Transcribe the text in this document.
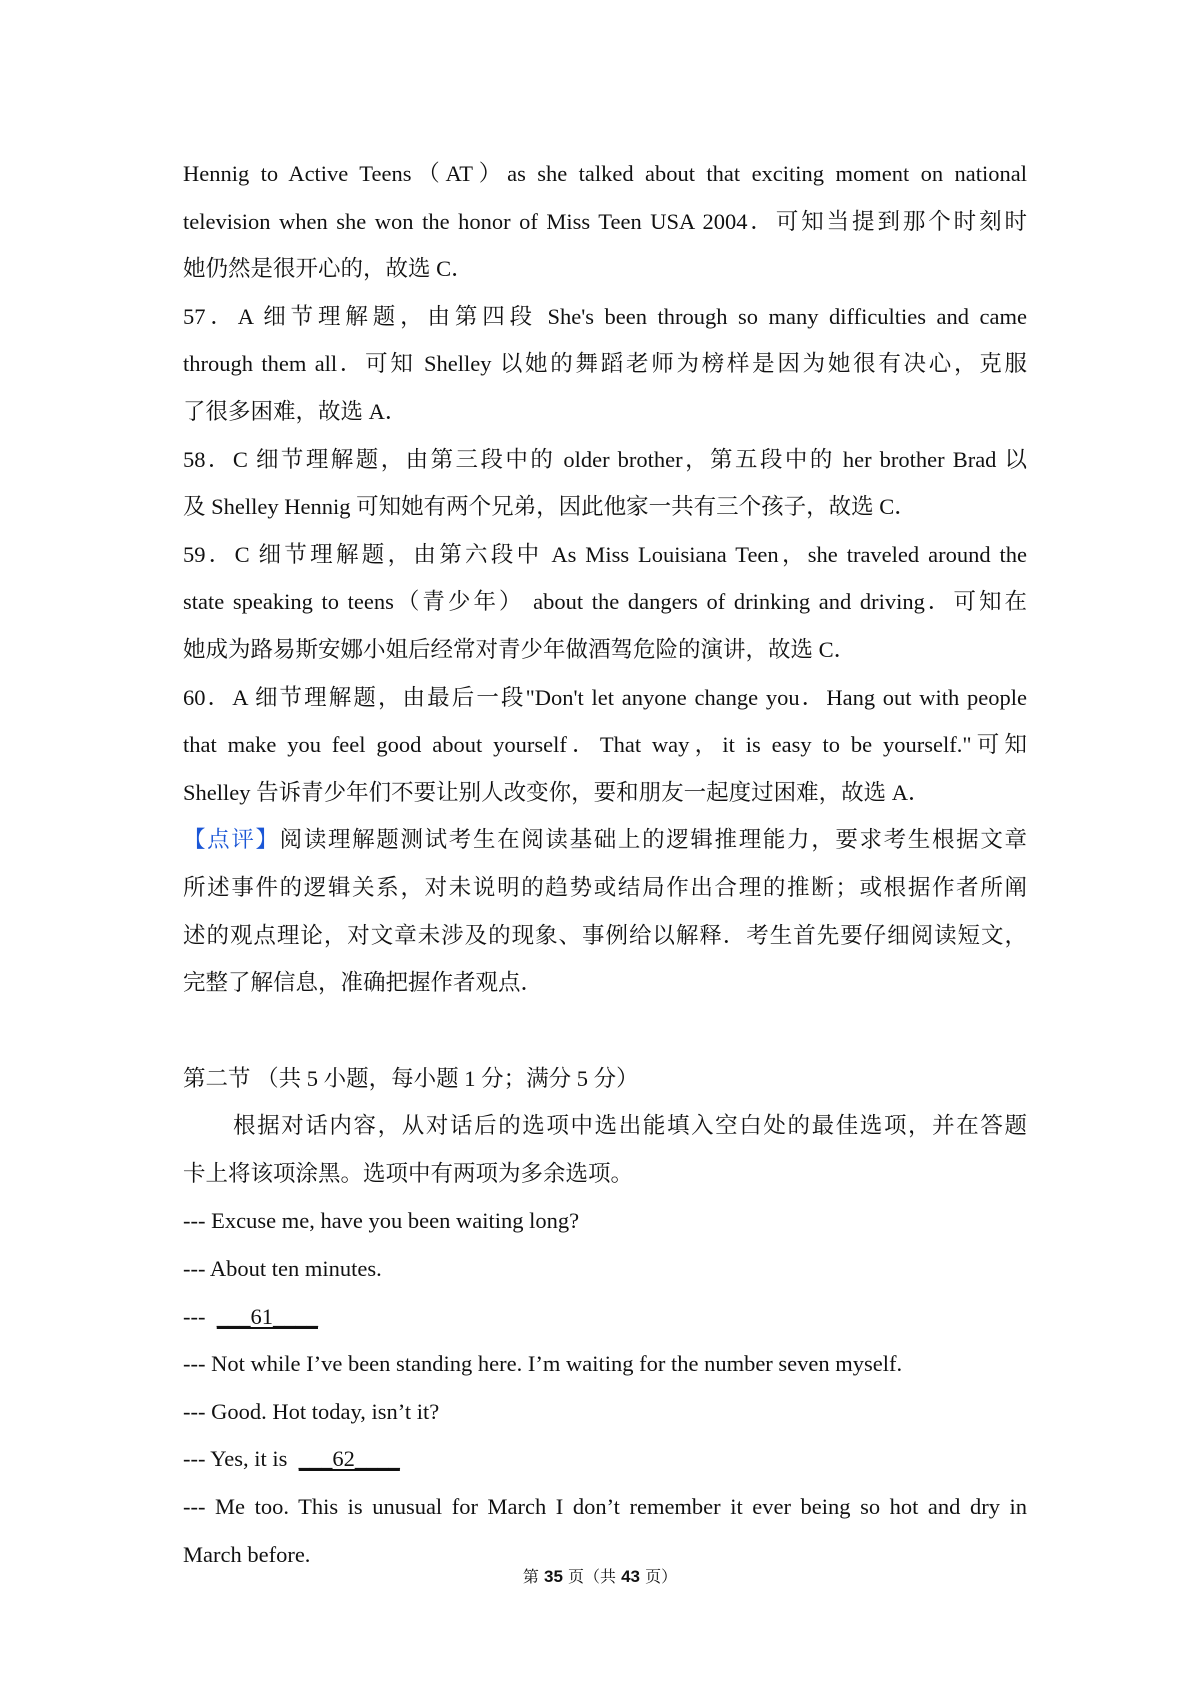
Hennig to Active Teens（AT）as she talked about that exciting moment on national
television when she won the honor of Miss Teen USA 2004．可知当提到那个时刻时
她仍然是很开心的，故选 C．
57．A 细节理解题，由第四段 She's been through so many difficulties and came
through them all．可知 Shelley 以她的舞蹈老师为榜样是因为她很有决心，克服
了很多困难，故选 A．
58．C 细节理解题，由第三段中的 older brother，第五段中的 her brother Brad 以
及 Shelley Hennig 可知她有两个兄弟，因此他家一共有三个孩子，故选 C．
59．C 细节理解题，由第六段中 As Miss Louisiana Teen，she traveled around the
state speaking to teens（青少年） about the dangers of drinking and driving．可知在
她成为路易斯安娜小姐后经常对青少年做酒驾危险的演讲，故选 C．
60．A 细节理解题，由最后一段"Don't let anyone change you．Hang out with people
that make you feel good about yourself．That way，it is easy to be yourself."可知
Shelley 告诉青少年们不要让别人改变你，要和朋友一起度过困难，故选 A．
【点评】阅读理解题测试考生在阅读基础上的逻辑推理能力，要求考生根据文章
所述事件的逻辑关系，对未说明的趋势或结局作出合理的推断；或根据作者所阐
述的观点理论，对文章未涉及的现象、事例给以解释．考生首先要仔细阅读短文，
完整了解信息，准确把握作者观点．
第二节 （共 5 小题，每小题 1 分；满分 5 分）
根据对话内容，从对话后的选项中选出能填入空白处的最佳选项，并在答题
卡上将该项涂黑。选项中有两项为多余选项。
--- Excuse me, have you been waiting long?
--- About ten minutes.
---  ___61____
--- Not while I’ve been standing here. I’m waiting for the number seven myself.
--- Good. Hot today, isn’t it?
--- Yes, it is  ___62____
--- Me too. This is unusual for March I don’t remember it ever being so hot and dry in
March before.
第 35 页（共 43 页）
